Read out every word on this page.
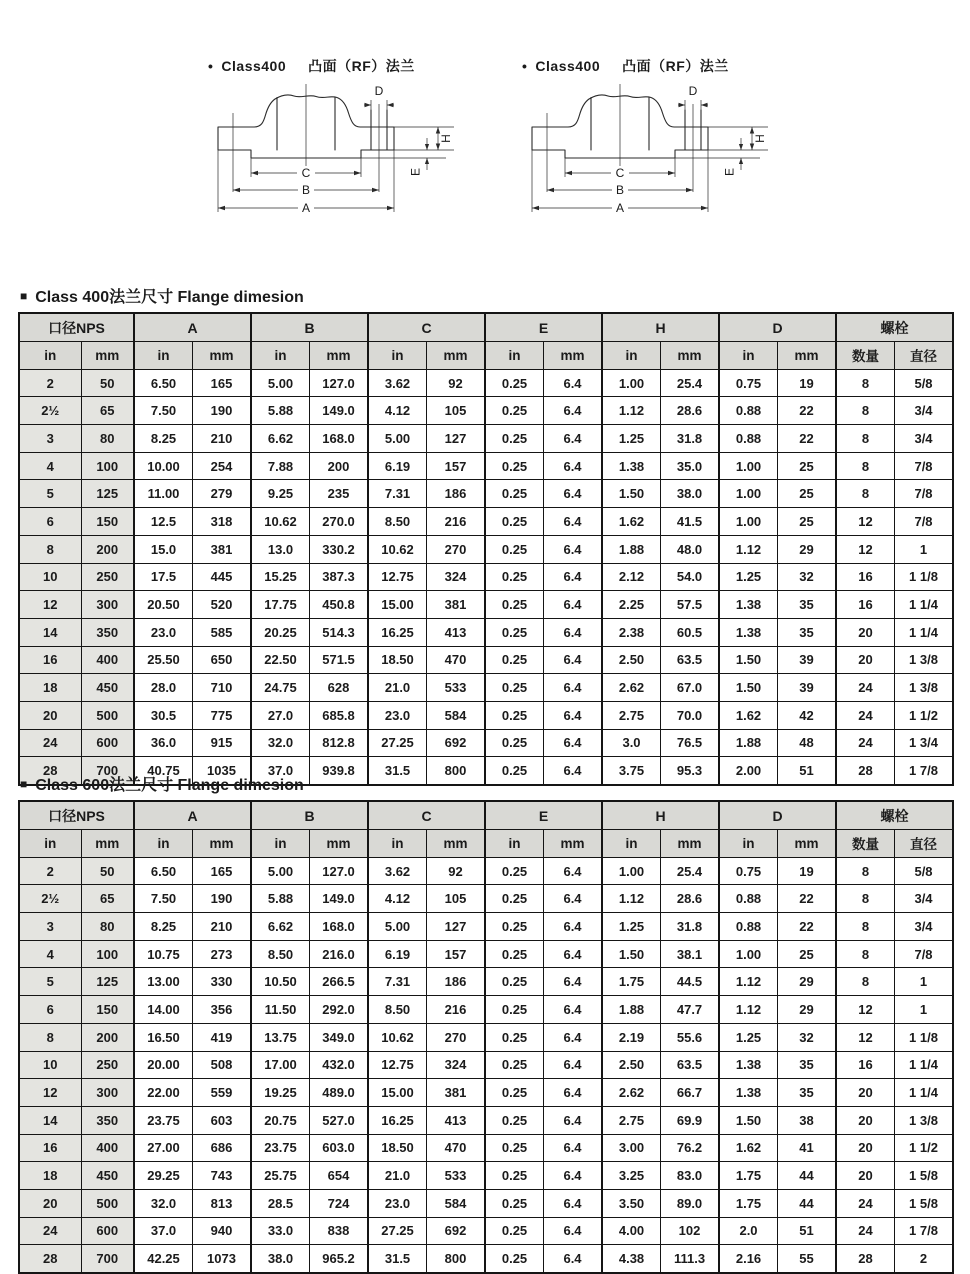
• Class400 凸面（RF）法兰	• Class400 凸面（RF）法兰
■ Class 400法兰尺寸 Flange dimesion
口径NPS		A		B		C		E		H		D		螺栓	
in	mm	in	mm	in	mm	in	mm	in	mm	in	mm	in	mm	数量	直径
2	50	6.50	165	5.00	127.0	3.62	92	0.25	6.4	1.00	25.4	0.75	19	8	5/8
2½	65	7.50	190	5.88	149.0	4.12	105	0.25	6.4	1.12	28.6	0.88	22	8	3/4
3	80	8.25	210	6.62	168.0	5.00	127	0.25	6.4	1.25	31.8	0.88	22	8	3/4
4	100	10.00	254	7.88	200	6.19	157	0.25	6.4	1.38	35.0	1.00	25	8	7/8
5	125	11.00	279	9.25	235	7.31	186	0.25	6.4	1.50	38.0	1.00	25	8	7/8
6	150	12.5	318	10.62	270.0	8.50	216	0.25	6.4	1.62	41.5	1.00	25	12	7/8
8	200	15.0	381	13.0	330.2	10.62	270	0.25	6.4	1.88	48.0	1.12	29	12	1
10	250	17.5	445	15.25	387.3	12.75	324	0.25	6.4	2.12	54.0	1.25	32	16	1 1/8
12	300	20.50	520	17.75	450.8	15.00	381	0.25	6.4	2.25	57.5	1.38	35	16	1 1/4
14	350	23.0	585	20.25	514.3	16.25	413	0.25	6.4	2.38	60.5	1.38	35	20	1 1/4
16	400	25.50	650	22.50	571.5	18.50	470	0.25	6.4	2.50	63.5	1.50	39	20	1 3/8
18	450	28.0	710	24.75	628	21.0	533	0.25	6.4	2.62	67.0	1.50	39	24	1 3/8
20	500	30.5	775	27.0	685.8	23.0	584	0.25	6.4	2.75	70.0	1.62	42	24	1 1/2
24	600	36.0	915	32.0	812.8	27.25	692	0.25	6.4	3.0	76.5	1.88	48	24	1 3/4
28	700	40.75	1035	37.0	939.8	31.5	800	0.25	6.4	3.75	95.3	2.00	51	28	1 7/8
■ Class 600法兰尺寸 Flange dimesion
口径NPS		A		B		C		E		H		D		螺栓	
in	mm	in	mm	in	mm	in	mm	in	mm	in	mm	in	mm	数量	直径
2	50	6.50	165	5.00	127.0	3.62	92	0.25	6.4	1.00	25.4	0.75	19	8	5/8
2½	65	7.50	190	5.88	149.0	4.12	105	0.25	6.4	1.12	28.6	0.88	22	8	3/4
3	80	8.25	210	6.62	168.0	5.00	127	0.25	6.4	1.25	31.8	0.88	22	8	3/4
4	100	10.75	273	8.50	216.0	6.19	157	0.25	6.4	1.50	38.1	1.00	25	8	7/8
5	125	13.00	330	10.50	266.5	7.31	186	0.25	6.4	1.75	44.5	1.12	29	8	1
6	150	14.00	356	11.50	292.0	8.50	216	0.25	6.4	1.88	47.7	1.12	29	12	1
8	200	16.50	419	13.75	349.0	10.62	270	0.25	6.4	2.19	55.6	1.25	32	12	1 1/8
10	250	20.00	508	17.00	432.0	12.75	324	0.25	6.4	2.50	63.5	1.38	35	16	1 1/4
12	300	22.00	559	19.25	489.0	15.00	381	0.25	6.4	2.62	66.7	1.38	35	20	1 1/4
14	350	23.75	603	20.75	527.0	16.25	413	0.25	6.4	2.75	69.9	1.50	38	20	1 3/8
16	400	27.00	686	23.75	603.0	18.50	470	0.25	6.4	3.00	76.2	1.62	41	20	1 1/2
18	450	29.25	743	25.75	654	21.0	533	0.25	6.4	3.25	83.0	1.75	44	20	1 5/8
20	500	32.0	813	28.5	724	23.0	584	0.25	6.4	3.50	89.0	1.75	44	24	1 5/8
24	600	37.0	940	33.0	838	27.25	692	0.25	6.4	4.00	102	2.0	51	24	1 7/8
28	700	42.25	1073	38.0	965.2	31.5	800	0.25	6.4	4.38	111.3	2.16	55	28	2
